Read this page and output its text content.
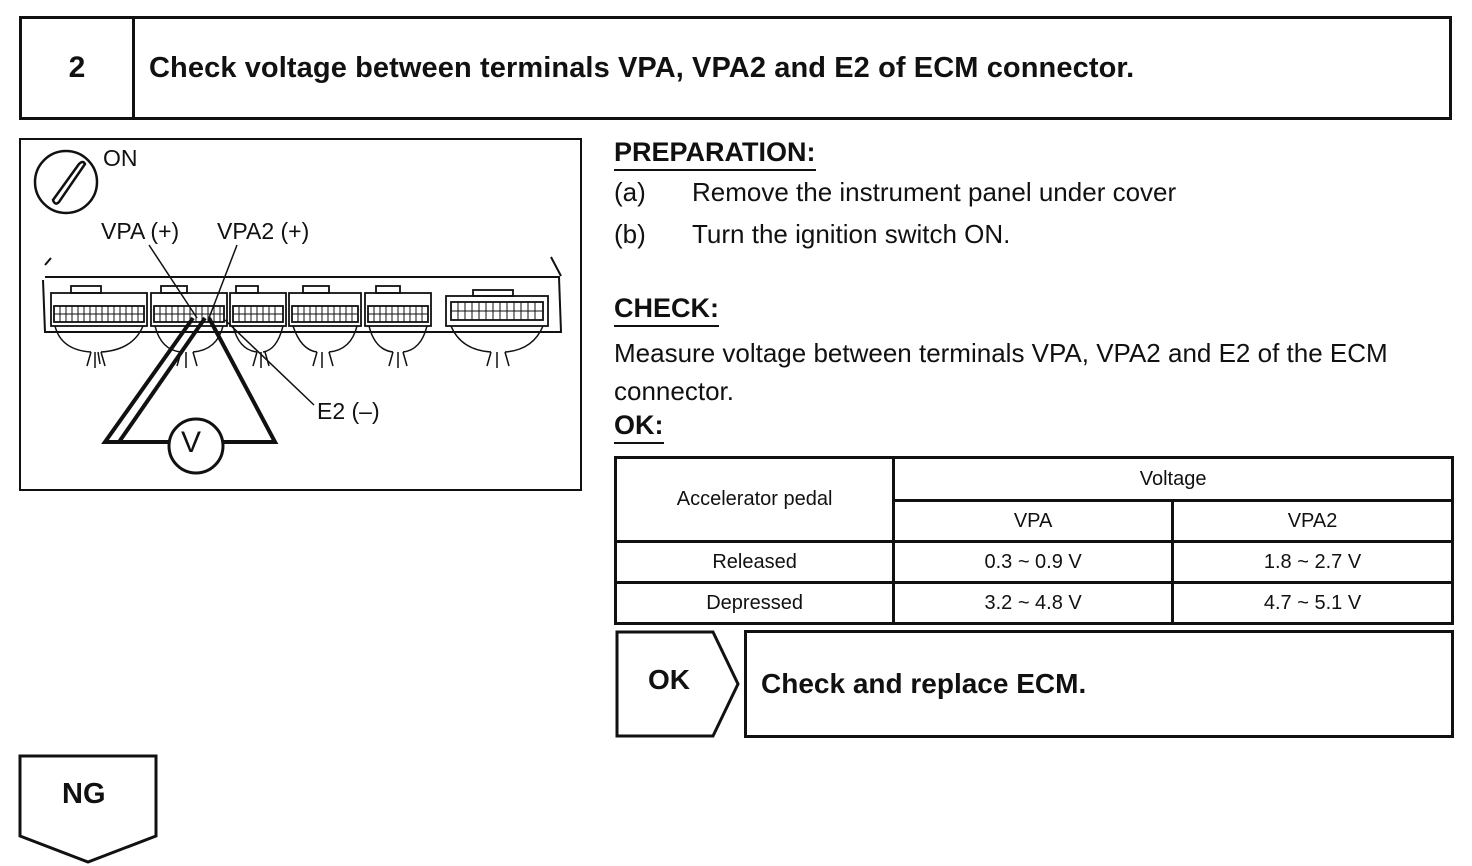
2	Check voltage between terminals VPA, VPA2 and E2 of ECM connector.
ON
VPA (+) VPA2 (+)
E2 (–)
V
PREPARATION:
(a) Remove the instrument panel under cover
(b) Turn the ignition switch ON.
CHECK:
Measure voltage between terminals VPA, VPA2 and E2 of the ECM connector.
OK:
Accelerator pedal	Voltage	
	VPA	VPA2
Released	0.3 ~ 0.9 V	1.8 ~ 2.7 V
Depressed	3.2 ~ 4.8 V	4.7 ~ 5.1 V
OK	Check and replace ECM.
NG
